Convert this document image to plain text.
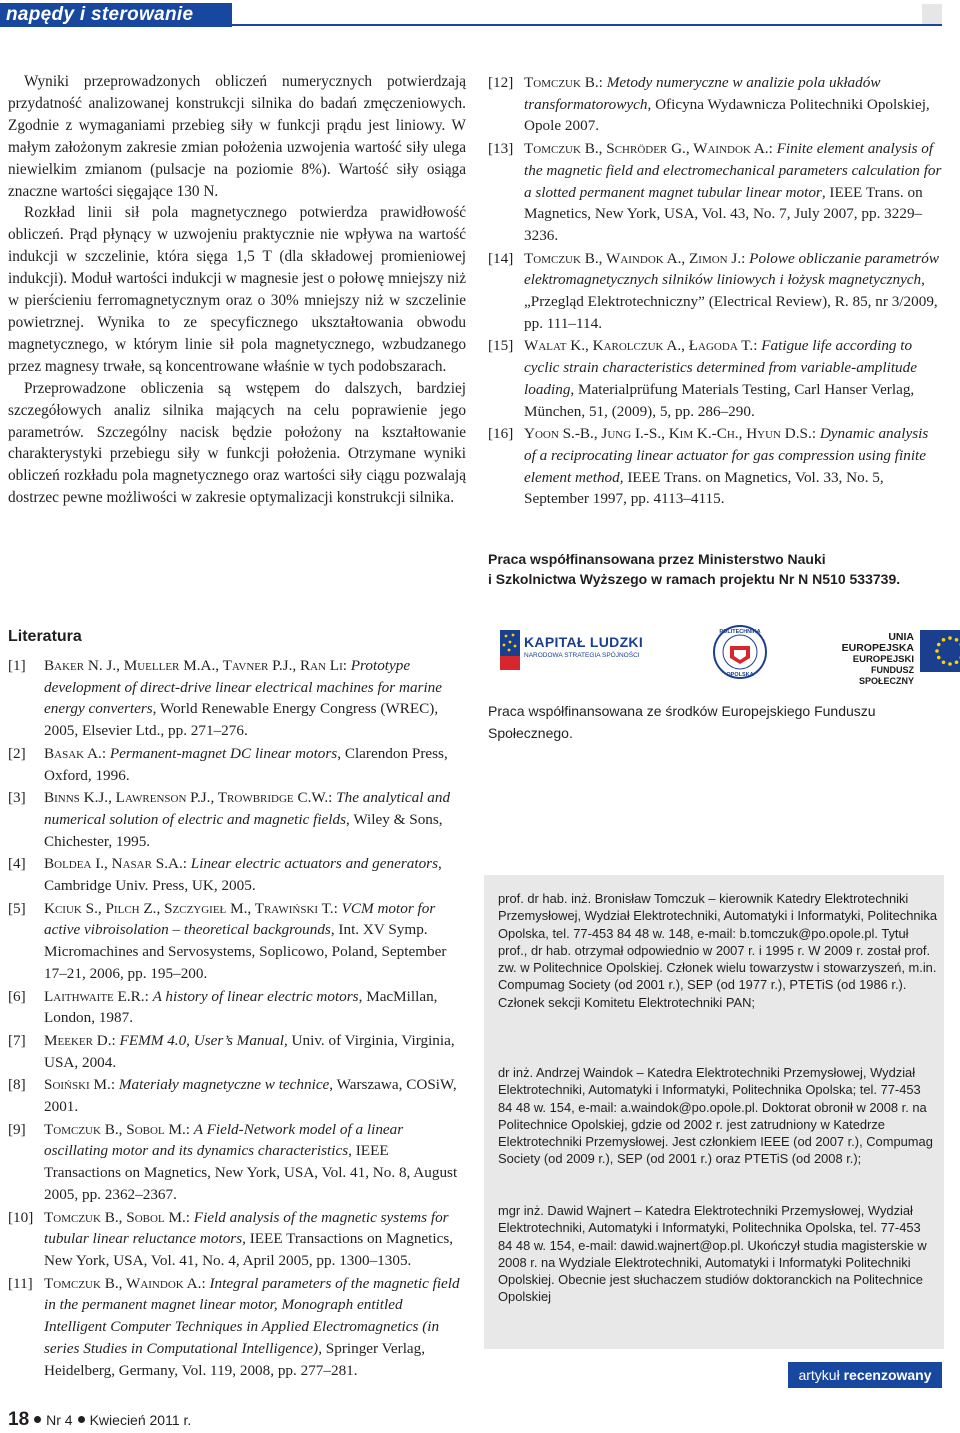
napędy i sterowanie

Wyniki przeprowadzonych obliczeń numerycznych potwierdzają przydatność analizowanej konstrukcji silnika do badań zmęczeniowych. Zgodnie z wymaganiami przebieg siły w funkcji prądu jest liniowy. W małym założonym zakresie zmian położenia uzwojenia wartość siły ulega niewielkim zmianom (pulsacje na poziomie 8%). Wartość siły osiąga znaczne wartości sięgające 130 N.

Rozkład linii sił pola magnetycznego potwierdza prawidłowość obliczeń. Prąd płynący w uzwojeniu praktycznie nie wpływa na wartość indukcji w szczelinie, która sięga 1,5 T (dla składowej promieniowej indukcji). Moduł wartości indukcji w magnesie jest o połowę mniejszy niż w pierścieniu ferromagnetycznym oraz o 30% mniejszy niż w szczelinie powietrznej. Wynika to ze specyficznego ukształtowania obwodu magnetycznego, w którym linie sił pola magnetycznego, wzbudzanego przez magnesy trwałe, są koncentrowane właśnie w tych podobszarach.

Przeprowadzone obliczenia są wstępem do dalszych, bardziej szczegółowych analiz silnika mających na celu poprawienie jego parametrów. Szczególny nacisk będzie położony na kształtowanie charakterystyki przebiegu siły w funkcji położenia. Otrzymane wyniki obliczeń rozkładu pola magnetycznego oraz wartości siły ciągu pozwalają dostrzec pewne możliwości w zakresie optymalizacji konstrukcji silnika.

Literatura
[1] Baker N. J., Mueller M.A., Tavner P.J., Ran Li: Prototype development of direct-drive linear electrical machines for marine energy converters, World Renewable Energy Congress (WREC), 2005, Elsevier Ltd., pp. 271–276.
[2] Basak A.: Permanent-magnet DC linear motors, Clarendon Press, Oxford, 1996.
[3] Binns K.J., Lawrenson P.J., Trowbridge C.W.: The analytical and numerical solution of electric and magnetic fields, Wiley & Sons, Chichester, 1995.
[4] Boldea I., Nasar S.A.: Linear electric actuators and generators, Cambridge Univ. Press, UK, 2005.
[5] Kciuk S., Pilch Z., Szczygieł M., Trawiński T.: VCM motor for active vibroisolation – theoretical backgrounds, Int. XV Symp. Micromachines and Servosystems, Soplicowo, Poland, September 17–21, 2006, pp. 195–200.
[6] Laithwaite E.R.: A history of linear electric motors, MacMillan, London, 1987.
[7] Meeker D.: FEMM 4.0, User’s Manual, Univ. of Virginia, Virginia, USA, 2004.
[8] Soiński M.: Materiały magnetyczne w technice, Warszawa, COSiW, 2001.
[9] Tomczuk B., Sobol M.: A Field-Network model of a linear oscillating motor and its dynamics characteristics, IEEE Transactions on Magnetics, New York, USA, Vol. 41, No. 8, August 2005, pp. 2362–2367.
[10] Tomczuk B., Sobol M.: Field analysis of the magnetic systems for tubular linear reluctance motors, IEEE Transactions on Magnetics, New York, USA, Vol. 41, No. 4, April 2005, pp. 1300–1305.
[11] Tomczuk B., Waindok A.: Integral parameters of the magnetic field in the permanent magnet linear motor, Monograph entitled Intelligent Computer Techniques in Applied Electromagnetics (in series Studies in Computational Intelligence), Springer Verlag, Heidelberg, Germany, Vol. 119, 2008, pp. 277–281.
[12] Tomczuk B.: Metody numeryczne w analizie pola układów transformatorowych, Oficyna Wydawnicza Politechniki Opolskiej, Opole 2007.
[13] Tomczuk B., Schröder G., Waindok A.: Finite element analysis of the magnetic field and electromechanical parameters calculation for a slotted permanent magnet tubular linear motor, IEEE Trans. on Magnetics, New York, USA, Vol. 43, No. 7, July 2007, pp. 3229–3236.
[14] Tomczuk B., Waindok A., Zimon J.: Polowe obliczanie parametrów elektromagnetycznych silników liniowych i łożysk magnetycznych, „Przegląd Elektrotechniczny” (Electrical Review), R. 85, nr 3/2009, pp. 111–114.
[15] Walat K., Karolczuk A., Łagoda T.: Fatigue life according to cyclic strain characteristics determined from variable-amplitude loading, Materialprüfung Materials Testing, Carl Hanser Verlag, München, 51, (2009), 5, pp. 286–290.
[16] Yoon S.-B., Jung I.-S., Kim K.-Ch., Hyun D.S.: Dynamic analysis of a reciprocating linear actuator for gas compression using finite element method, IEEE Trans. on Magnetics, Vol. 33, No. 5, September 1997, pp. 4113–4115.
Praca współfinansowana przez Ministerstwo Nauki
i Szkolnictwa Wyższego w ramach projektu Nr N N510 533739.
KAPITAŁ LUDZKI
NARODOWA STRATEGIA SPÓJNOŚCI
POLITECHNIKA
OPOLSKA
UNIA EUROPEJSKA
EUROPEJSKI
FUNDUSZ SPOŁECZNY
Praca współfinansowana ze środków Europejskiego Funduszu Społecznego.
prof. dr hab. inż. Bronisław Tomczuk – kierownik Katedry Elektrotechniki Przemysłowej, Wydział Elektrotechniki, Automatyki i Informatyki, Politechnika Opolska, tel. 77-453 84 48 w. 148, e-mail: b.tomczuk@po.opole.pl. Tytuł prof., dr hab. otrzymał odpowiednio w 2007 r. i 1995 r. W 2009 r. został prof. zw. w Politechnice Opolskiej. Członek wielu towarzystw i stowarzyszeń, m.in. Compumag Society (od 2001 r.), SEP (od 1977 r.), PTETiS (od 1986 r.). Członek sekcji Komitetu Elektrotechniki PAN;
dr inż. Andrzej Waindok – Katedra Elektrotechniki Przemysłowej, Wydział Elektrotechniki, Automatyki i Informatyki, Politechnika Opolska; tel. 77-453 84 48 w. 154, e-mail: a.waindok@po.opole.pl. Doktorat obronił w 2008 r. na Politechnice Opolskiej, gdzie od 2002 r. jest zatrudniony w Katedrze Elektrotechniki Przemysłowej. Jest członkiem IEEE (od 2007 r.), Compumag Society (od 2009 r.), SEP (od 2001 r.) oraz PTETiS (od 2008 r.);
mgr inż. Dawid Wajnert – Katedra Elektrotechniki Przemysłowej, Wydział Elektrotechniki, Automatyki i Informatyki, Politechnika Opolska, tel. 77-453 84 48 w. 154, e-mail: dawid.wajnert@op.pl. Ukończył studia magisterskie w 2008 r. na Wydziale Elektrotechniki, Automatyki i Informatyki Politechniki Opolskiej. Obecnie jest słuchaczem studiów doktoranckich na Politechnice Opolskiej
artykuł recenzowany
18 Nr 4 Kwiecień 2011 r.
